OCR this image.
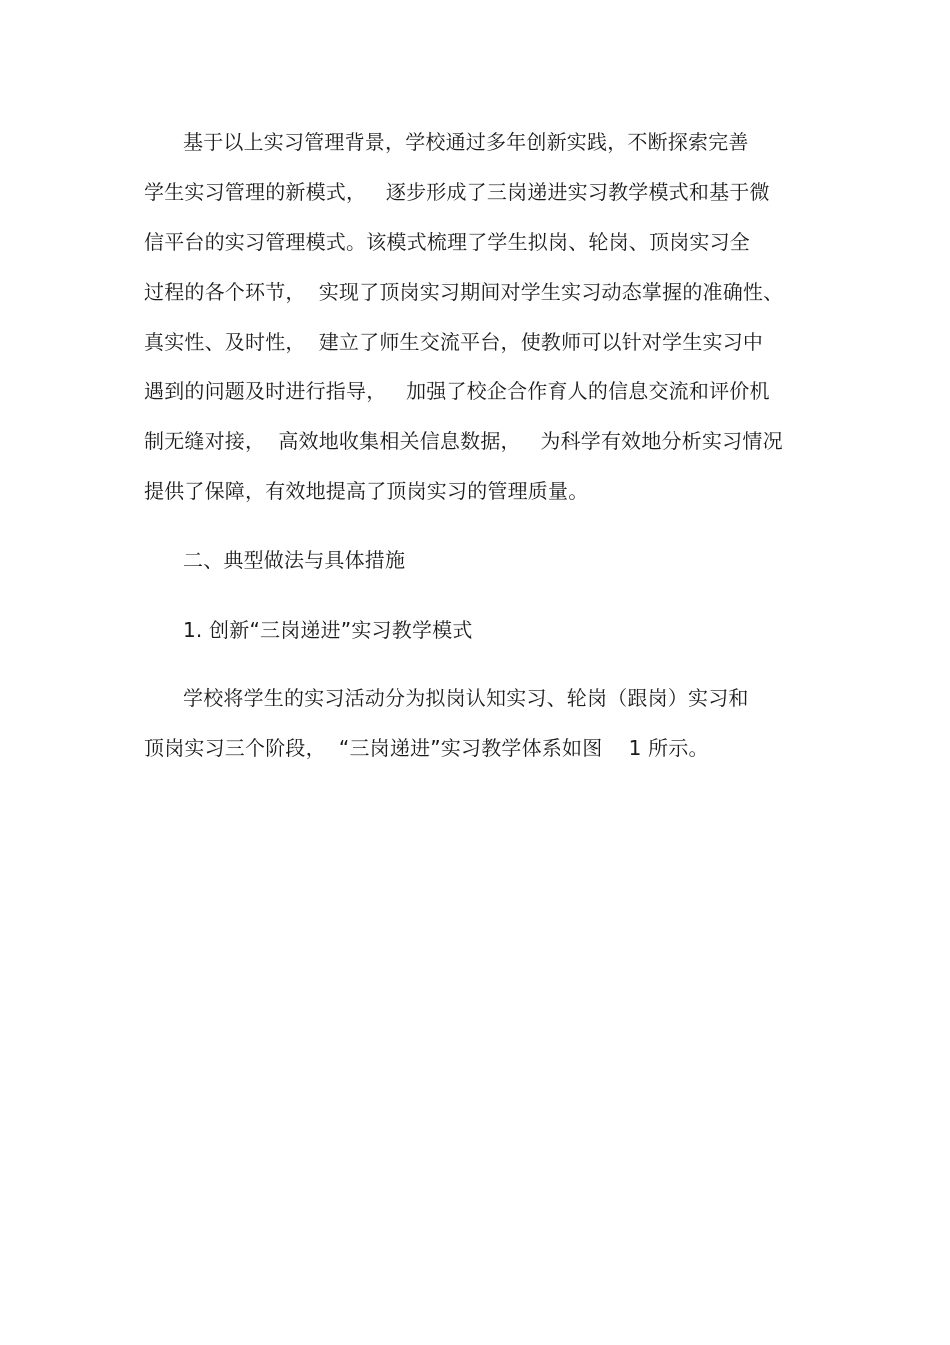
基于以上实习管理背景，学校通过多年创新实践，不断探索完善
学生实习管理的新模式，   逐步形成了三岗递进实习教学模式和基于微
信平台的实习管理模式。该模式梳理了学生拟岗、轮岗、顶岗实习全
过程的各个环节，  实现了顶岗实习期间对学生实习动态掌握的准确性、
真实性、及时性，  建立了师生交流平台，使教师可以针对学生实习中
遇到的问题及时进行指导，   加强了校企合作育人的信息交流和评价机
制无缝对接，  高效地收集相关信息数据，   为科学有效地分析实习情况
提供了保障，有效地提高了顶岗实习的管理质量。
二、典型做法与具体措施
1. 创新“三岗递进”实习教学模式
学校将学生的实习活动分为拟岗认知实习、轮岗（跟岗）实习和
顶岗实习三个阶段，  “三岗递进”实习教学体系如图    1 所示。
